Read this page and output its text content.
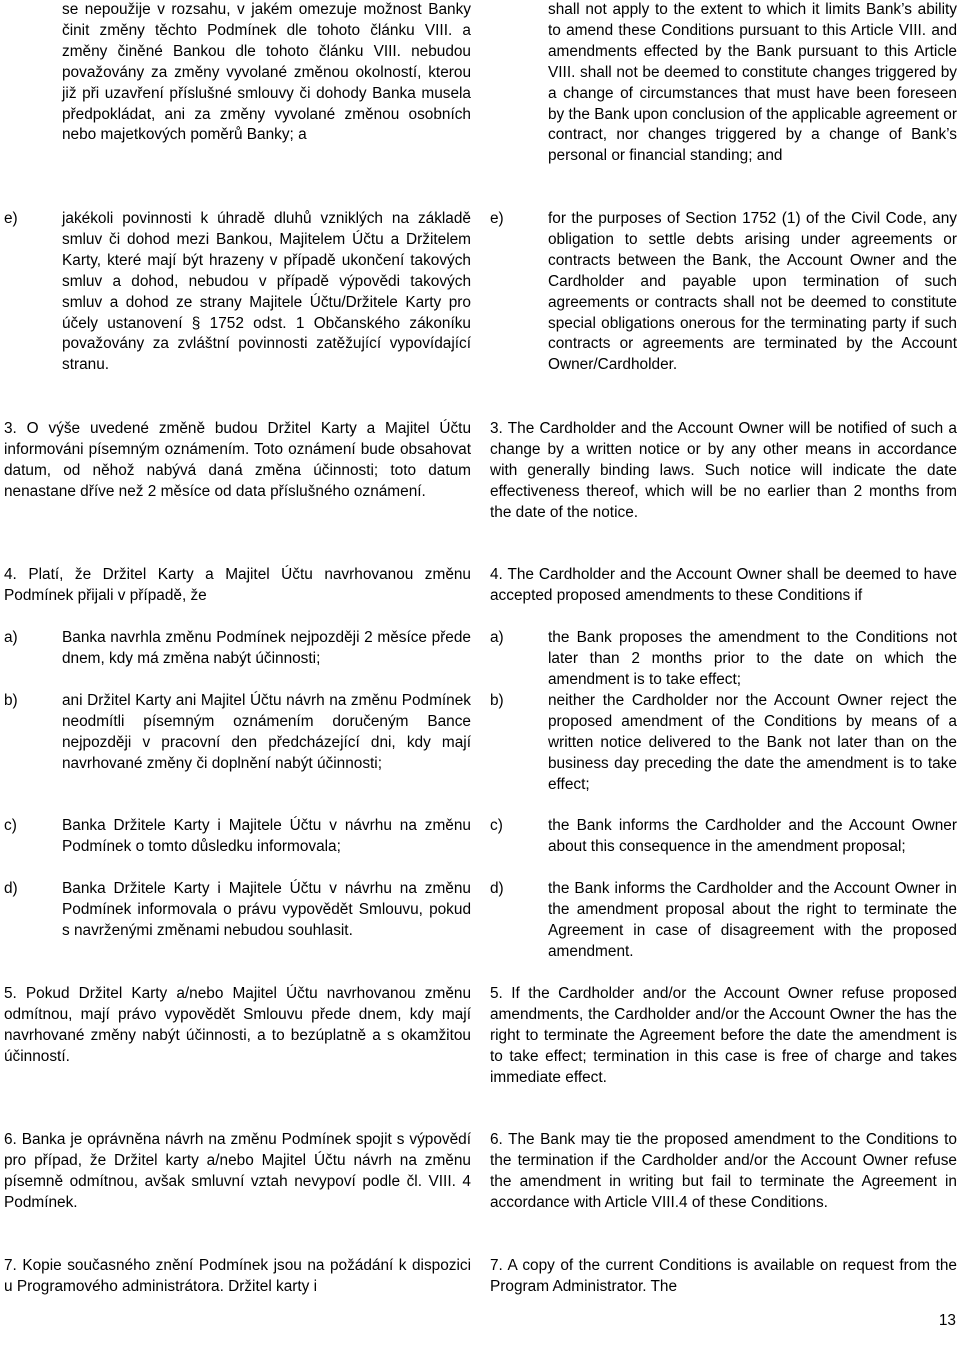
se nepoužije v rozsahu, v jakém omezuje možnost Banky činit změny těchto Podmínek dle tohoto článku VIII. a změny činěné Bankou dle tohoto článku VIII. nebudou považovány za změny vyvolané změnou okolností, kterou již při uzavření příslušné smlouvy či dohody Banka musela předpokládat, ani za změny vyvolané změnou osobních nebo majetkových poměrů Banky; a
e)	jakékoli povinnosti k úhradě dluhů vzniklých na základě smluv či dohod mezi Bankou, Majitelem Účtu a Držitelem Karty, které mají být hrazeny v případě ukončení takových smluv a dohod, nebudou v případě výpovědi takových smluv a dohod ze strany Majitele Účtu/Držitele Karty pro účely ustanovení § 1752 odst. 1 Občanského zákoníku považovány za zvláštní povinnosti zatěžující vypovídající stranu.
3. O výše uvedené změně budou Držitel Karty a Majitel Účtu informováni písemným oznámením. Toto oznámení bude obsahovat datum, od něhož nabývá daná změna účinnosti; toto datum nenastane dříve než 2 měsíce od data příslušného oznámení.
4. Platí, že Držitel Karty a Majitel Účtu navrhovanou změnu Podmínek přijali v případě, že
a)	Banka navrhla změnu Podmínek nejpozději 2 měsíce přede dnem, kdy má změna nabýt účinnosti;
b)	ani Držitel Karty ani Majitel Účtu návrh na změnu Podmínek neodmítli písemným oznámením doručeným Bance nejpozději v pracovní den předcházející dni, kdy mají navrhované změny či doplnění nabýt účinnosti;
c)	Banka Držitele Karty i Majitele Účtu v návrhu na změnu Podmínek o tomto důsledku informovala;
d)	Banka Držitele Karty i Majitele Účtu v návrhu na změnu Podmínek informovala o právu vypovědět Smlouvu, pokud s navrženými změnami nebudou souhlasit.
5. Pokud Držitel Karty a/nebo Majitel Účtu navrhovanou změnu odmítnou, mají právo vypovědět Smlouvu přede dnem, kdy mají navrhované změny nabýt účinnosti, a to bezúplatně a s okamžitou účinností.
6. Banka je oprávněna návrh na změnu Podmínek spojit s výpovědí pro případ, že Držitel karty a/nebo Majitel Účtu návrh na změnu písemně odmítnou, avšak smluvní vztah nevypoví podle čl. VIII. 4 Podmínek.
7. Kopie současného znění Podmínek jsou na požádání k dispozici u Programového administrátora. Držitel karty i
shall not apply to the extent to which it limits Bank’s ability to amend these Conditions pursuant to this Article VIII. and amendments effected by the Bank pursuant to this Article VIII. shall not be deemed to constitute changes triggered by a change of circumstances that must have been foreseen by the Bank upon conclusion of the applicable agreement or contract, nor changes triggered by a change of Bank’s personal or financial standing; and
e)	for the purposes of Section 1752 (1) of the Civil Code, any obligation to settle debts arising under agreements or contracts between the Bank, the Account Owner and the Cardholder and payable upon termination of such agreements or contracts shall not be deemed to constitute special obligations onerous for the terminating party if such contracts or agreements are terminated by the Account Owner/Cardholder.
3. The Cardholder and the Account Owner will be notified of such a change by a written notice or by any other means in accordance with generally binding laws. Such notice will indicate the date effectiveness thereof, which will be no earlier than 2 months from the date of the notice.
4. The Cardholder and the Account Owner shall be deemed to have accepted proposed amendments to these Conditions if
a)	the Bank proposes the amendment to the Conditions not later than 2 months prior to the date on which the amendment is to take effect;
b)	neither the Cardholder nor the Account Owner reject the proposed amendment of the Conditions by means of a written notice delivered to the Bank not later than on the business day preceding the date the amendment is to take effect;
c)	the Bank informs the Cardholder and the Account Owner about this consequence in the amendment proposal;
d)	the Bank informs the Cardholder and the Account Owner in the amendment proposal about the right to terminate the Agreement in case of disagreement with the proposed amendment.
5. If the Cardholder and/or the Account Owner refuse proposed amendments, the Cardholder and/or the Account Owner the has the right to terminate the Agreement before the date the amendment is to take effect; termination in this case is free of charge and takes immediate effect.
6. The Bank may tie the proposed amendment to the Conditions to the termination if the Cardholder and/or the Account Owner refuse the amendment in writing but fail to terminate the Agreement in accordance with Article VIII.4 of these Conditions.
7. A copy of the current Conditions is available on request from the Program Administrator. The
13
